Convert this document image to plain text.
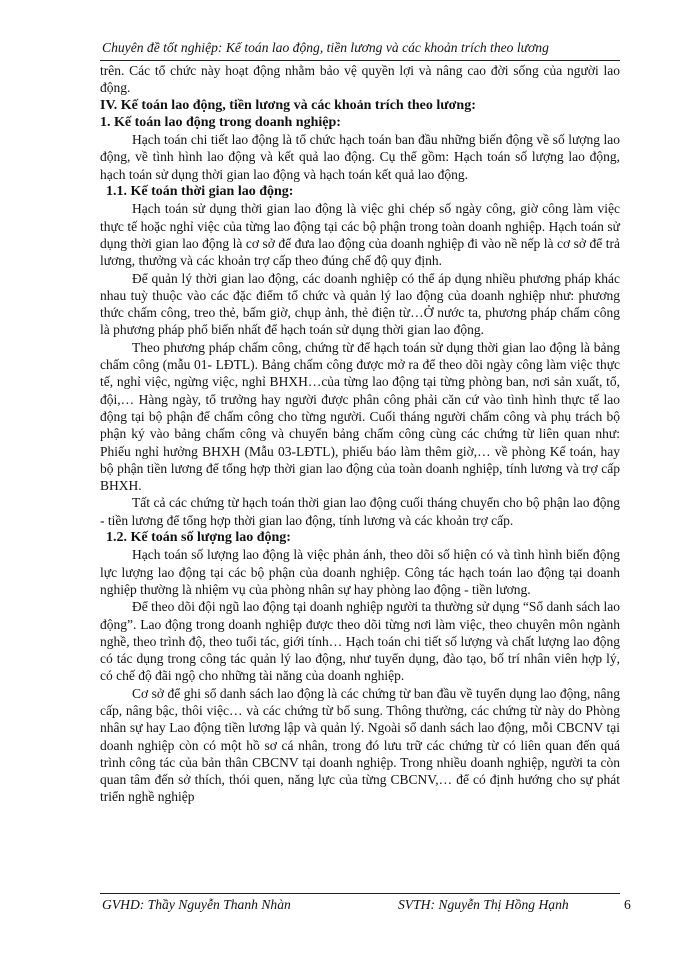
Chuyên đề tốt nghiệp: Kế toán lao động, tiền lương và các khoản trích theo lương

trên. Các tổ chức này hoạt động nhằm bảo vệ quyền lợi và nâng cao đời sống của người lao động.

IV. Kế toán lao động, tiền lương và các khoản trích theo lương:

1. Kế toán lao động trong doanh nghiệp:

Hạch toán chi tiết lao động là tổ chức hạch toán ban đầu những biến động về số lượng lao động, về tình hình lao động và kết quả lao động. Cụ thể gồm: Hạch toán số lượng lao động, hạch toán sử dụng thời gian lao động và hạch toán kết quả lao động.

1.1. Kế toán thời gian lao động:

Hạch toán sử dụng thời gian lao động là việc ghi chép số ngày công, giờ công làm việc thực tế hoặc nghỉ việc của từng lao động tại các bộ phận trong toàn doanh nghiệp. Hạch toán sử dụng thời gian lao động là cơ sở để đưa lao động của doanh nghiệp đi vào nề nếp là cơ sở để trả lương, thưởng và các khoản trợ cấp theo đúng chế độ quy định.

Để quản lý thời gian lao động, các doanh nghiệp có thể áp dụng nhiều phương pháp khác nhau tuỳ thuộc vào các đặc điểm tổ chức và quản lý lao động của doanh nghiệp như: phương thức chấm công, treo thẻ, bấm giờ, chụp ảnh, thẻ điện từ…Ở nước ta, phương pháp chấm công là phương pháp phổ biến nhất để hạch toán sử dụng thời gian lao động.

Theo phương pháp chấm công, chứng từ để hạch toán sử dụng thời gian lao động là bảng chấm công (mẫu 01- LĐTL). Bảng chấm công được mở ra để theo dõi ngày công làm việc thực tế, nghỉ việc, ngừng việc, nghỉ BHXH…của từng lao động tại từng phòng ban, nơi sản xuất, tổ, đội,… Hàng ngày, tổ trưởng hay người được phân công phải căn cứ vào tình hình thực tế lao động tại bộ phận để chấm công cho từng người. Cuối tháng người chấm công và phụ trách bộ phận ký vào bảng chấm công và chuyển bảng chấm công cùng các chứng từ liên quan như: Phiếu nghỉ hưởng BHXH (Mẫu 03-LĐTL), phiếu báo làm thêm giờ,… về phòng Kế toán, hay bộ phận tiền lương để tổng hợp thời gian lao động của toàn doanh nghiệp, tính lương và trợ cấp BHXH.

Tất cả các chứng từ hạch toán thời gian lao động cuối tháng chuyển cho bộ phận lao động - tiền lương để tổng hợp thời gian lao động, tính lương và các khoản trợ cấp.

1.2. Kế toán số lượng lao động:

Hạch toán số lượng lao động là việc phản ánh, theo dõi số hiện có và tình hình biến động lực lượng lao động tại các bộ phận của doanh nghiệp. Công tác hạch toán lao động tại doanh nghiệp thường là nhiệm vụ của phòng nhân sự hay phòng lao động - tiền lương.

Để theo dõi đội ngũ lao động tại doanh nghiệp người ta thường sử dụng “Sổ danh sách lao động”. Lao động trong doanh nghiệp được theo dõi từng nơi làm việc, theo chuyên môn ngành nghề, theo trình độ, theo tuổi tác, giới tính… Hạch toán chi tiết số lượng và chất lượng lao động có tác dụng trong công tác quản lý lao động, như tuyển dụng, đào tạo, bố trí nhân viên hợp lý, có chế độ đãi ngộ cho những tài năng của doanh nghiệp.

Cơ sở để ghi sổ danh sách lao động là các chứng từ ban đầu về tuyển dụng lao động, nâng cấp, nâng bậc, thôi việc… và các chứng từ bổ sung. Thông thường, các chứng từ này do Phòng nhân sự hay Lao động tiền lương lập và quản lý. Ngoài sổ danh sách lao động, mỗi CBCNV tại doanh nghiệp còn có một hồ sơ cá nhân, trong đó lưu trữ các chứng từ có liên quan đến quá trình công tác của bản thân CBCNV tại doanh nghiệp. Trong nhiều doanh nghiệp, người ta còn quan tâm đến sở thích, thói quen, năng lực của từng CBCNV,… để có định hướng cho sự phát triển nghề nghiệp

GVHD: Thầy Nguyễn Thanh Nhàn	SVTH: Nguyễn Thị Hồng Hạnh	6
